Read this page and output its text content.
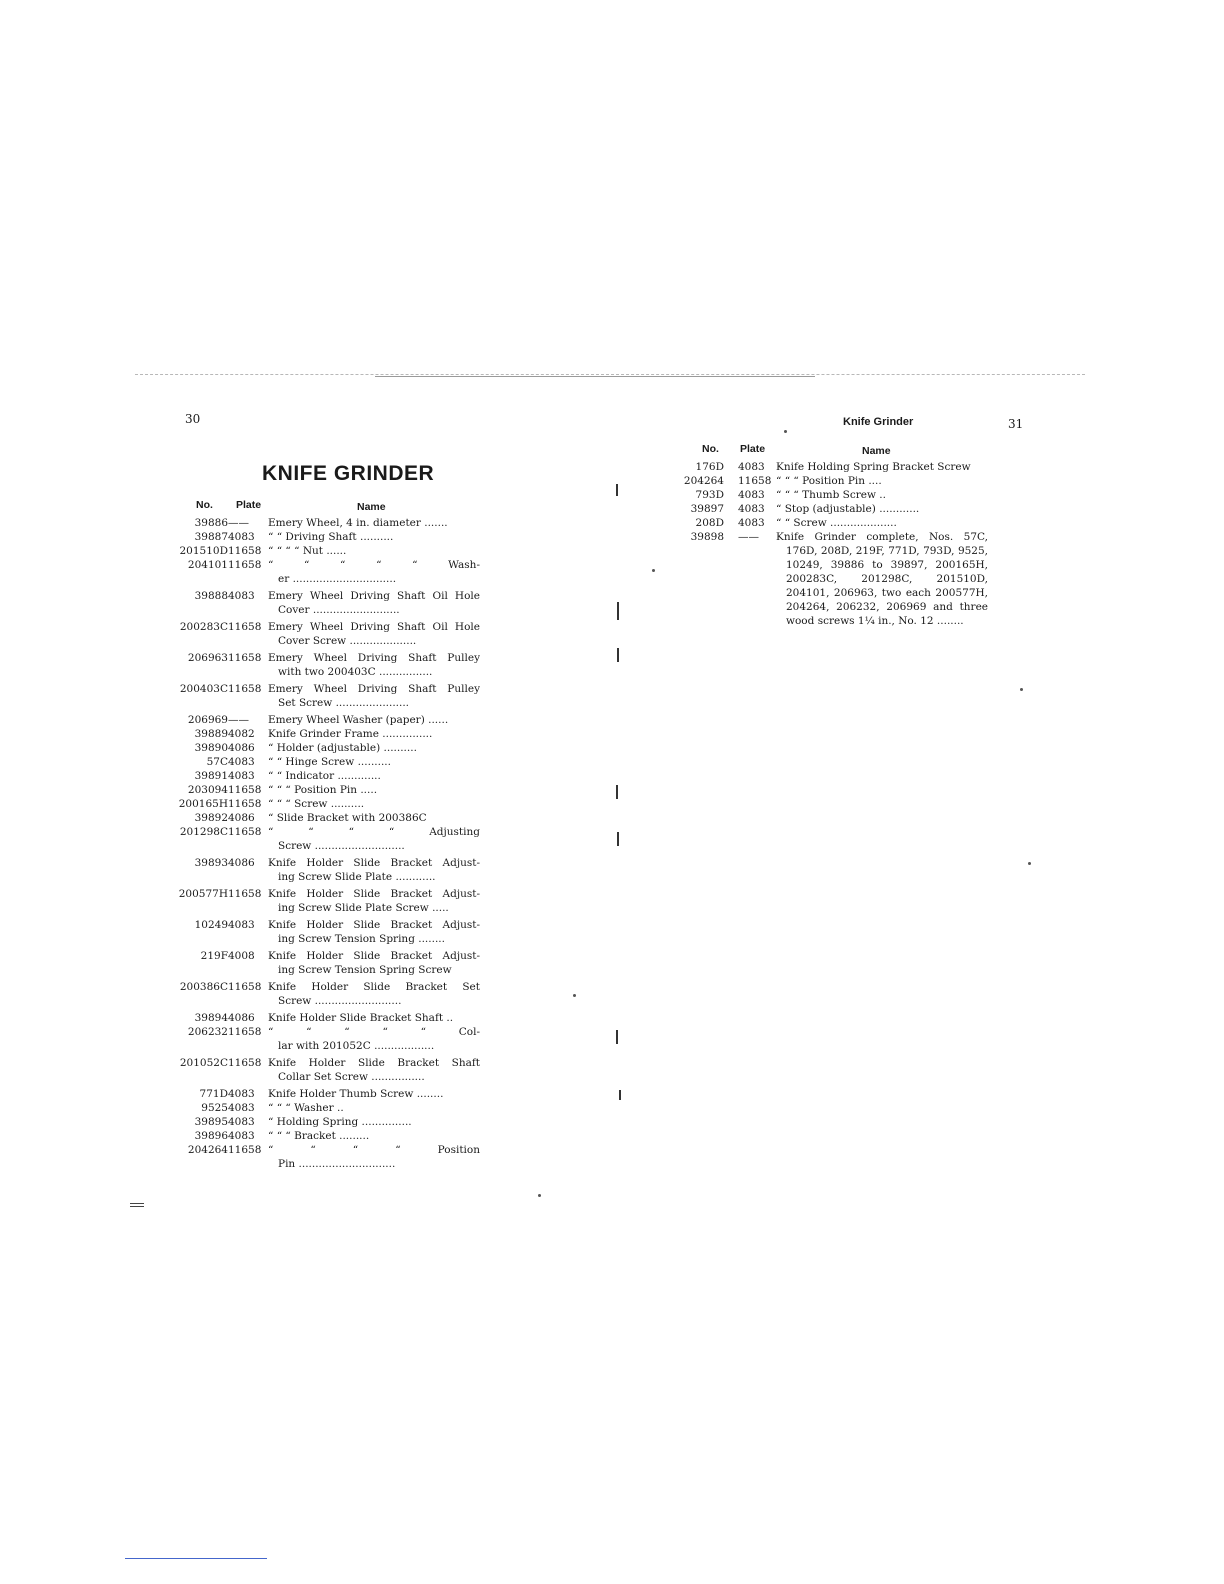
30
KNIFE GRINDER
No. Plate	Name
39886 —— Emery Wheel, 4 in. diameter .......
39887 4083 “ “ Driving Shaft ..........
201510D 11658 “ “ “ “ Nut ......
204101 11658 “ “ “ “ “ Wash-
er ...............................
39888 4083 Emery Wheel Driving Shaft Oil Hole
Cover ..........................
200283C 11658 Emery Wheel Driving Shaft Oil Hole
Cover Screw ....................
206963 11658 Emery Wheel Driving Shaft Pulley
with two 200403C ................
200403C 11658 Emery Wheel Driving Shaft Pulley
Set Screw ......................
206969 —— Emery Wheel Washer (paper) ......
39889 4082 Knife Grinder Frame ...............
39890 4086 “ Holder (adjustable) ..........
57C 4083 “ “ Hinge Screw ..........
39891 4083 “ “ Indicator .............
203094 11658 “ “ “ Position Pin .....
200165H 11658 “ “ “ Screw ..........
39892 4086 “ Slide Bracket with 200386C
201298C 11658 “ “ “ “ Adjusting
Screw ...........................
39893 4086 Knife Holder Slide Bracket Adjust-
ing Screw Slide Plate ............
200577H 11658 Knife Holder Slide Bracket Adjust-
ing Screw Slide Plate Screw .....
10249 4083 Knife Holder Slide Bracket Adjust-
ing Screw Tension Spring ........
219F 4008 Knife Holder Slide Bracket Adjust-
ing Screw Tension Spring Screw
200386C 11658 Knife Holder Slide Bracket Set
Screw ..........................
39894 4086 Knife Holder Slide Bracket Shaft ..
206232 11658 “ “ “ “ “ Col-
lar with 201052C ..................
201052C 11658 Knife Holder Slide Bracket Shaft
Collar Set Screw ................
771D 4083 Knife Holder Thumb Screw ........
9525 4083 “ “ “ Washer ..
39895 4083 “ Holding Spring ...............
39896 4083 “ “ “ Bracket .........
204264 11658 “ “ “ “ Position
Pin .............................
Knife Grinder	31
No. Plate	Name
176D 4083 Knife Holding Spring Bracket Screw
204264 11658 “ “ “ Position Pin ....
793D 4083 “ “ “ Thumb Screw ..
39897 4083 “ Stop (adjustable) ............
208D 4083 “ “ Screw ....................
39898 —— Knife Grinder complete, Nos. 57C,
176D, 208D, 219F, 771D, 793D, 9525,
10249, 39886 to 39897, 200165H,
200283C, 201298C, 201510D,
204101, 206963, two each 200577H,
204264, 206232, 206969 and three
wood screws 1¼ in., No. 12 ........
